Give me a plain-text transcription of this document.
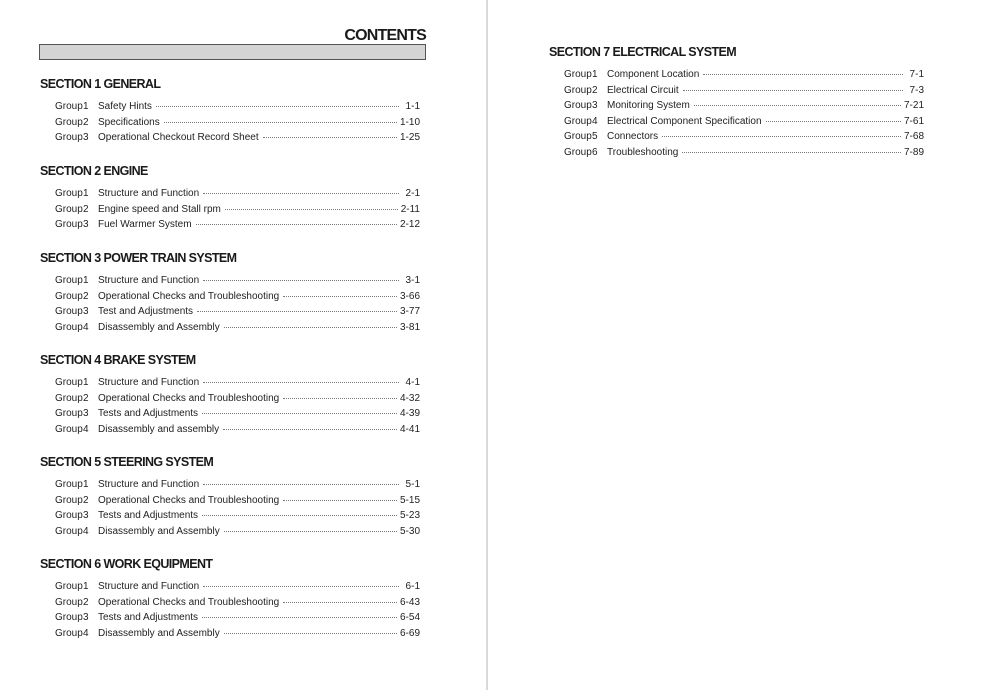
CONTENTS
SECTION 1 GENERAL
Group 1 Safety Hints	1-1
Group 2 Specifications	1-10
Group 3 Operational Checkout Record Sheet	1-25
SECTION 2 ENGINE
Group 1 Structure and Function	2-1
Group 2 Engine speed and Stall rpm	2-11
Group 3 Fuel Warmer System	2-12
SECTION 3 POWER TRAIN SYSTEM
Group 1 Structure and Function	3-1
Group 2 Operational Checks and Troubleshooting	3-66
Group 3 Test and Adjustments	3-77
Group 4 Disassembly and Assembly	3-81
SECTION 4 BRAKE SYSTEM
Group 1 Structure and Function	4-1
Group 2 Operational Checks and Troubleshooting	4-32
Group 3 Tests and Adjustments	4-39
Group 4 Disassembly and assembly	4-41
SECTION 5 STEERING SYSTEM
Group 1 Structure and Function	5-1
Group 2 Operational Checks and Troubleshooting	5-15
Group 3 Tests and Adjustments	5-23
Group 4 Disassembly and Assembly	5-30
SECTION 6 WORK EQUIPMENT
Group 1 Structure and Function	6-1
Group 2 Operational Checks and Troubleshooting	6-43
Group 3 Tests and Adjustments	6-54
Group 4 Disassembly and Assembly	6-69
SECTION 7 ELECTRICAL SYSTEM
Group 1 Component Location	7-1
Group 2 Electrical Circuit	7-3
Group 3 Monitoring System	7-21
Group 4 Electrical Component Specification	7-61
Group 5 Connectors	7-68
Group 6 Troubleshooting	7-89
